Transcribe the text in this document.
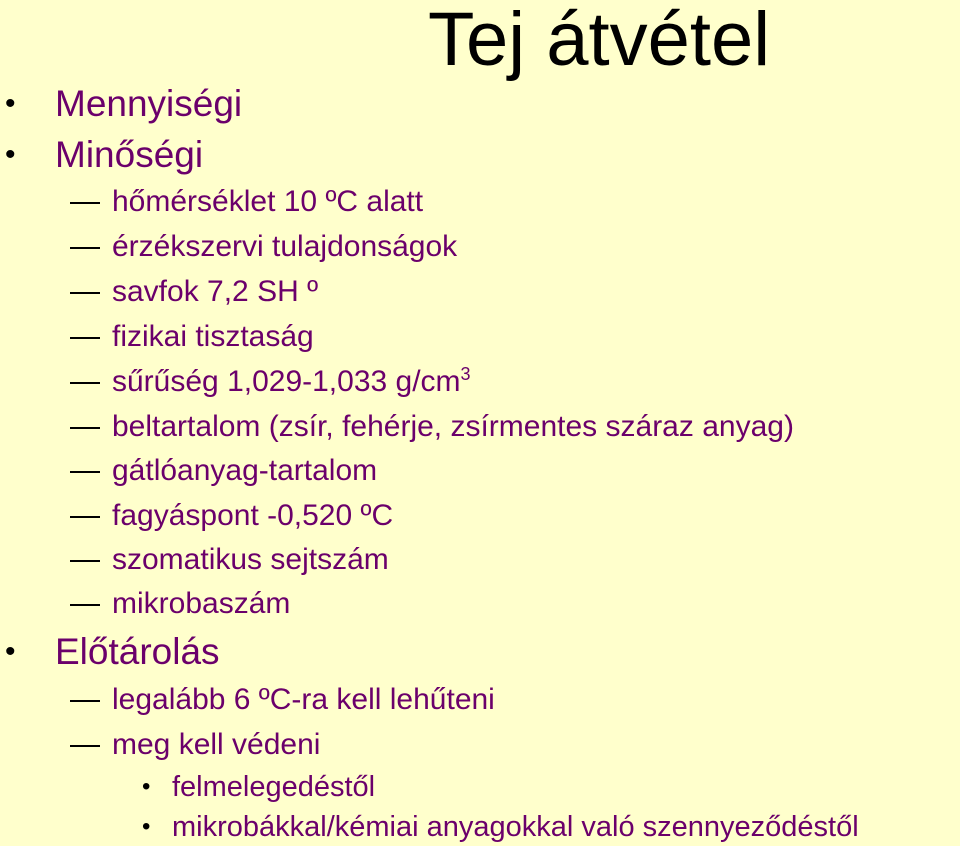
Tej átvétel
• Mennyiségi
• Minőségi
hőmérséklet 10 ºC alatt
érzékszervi tulajdonságok
savfok 7,2 SH º
fizikai tisztaság
sűrűség 1,029-1,033 $g/cm^3$
beltartalom (zsír, fehérje, zsírmentes száraz anyag)
gátlóanyag-tartalom
fagyáspont -0,520 ºC
szomatikus sejtszám
mikrobaszám
• Előtárolás
legalább 6 ºC-ra kell lehűteni
meg kell védeni
• felmelegedéstől
• mikrobákkal/kémiai anyagokkal való szennyeződéstől
